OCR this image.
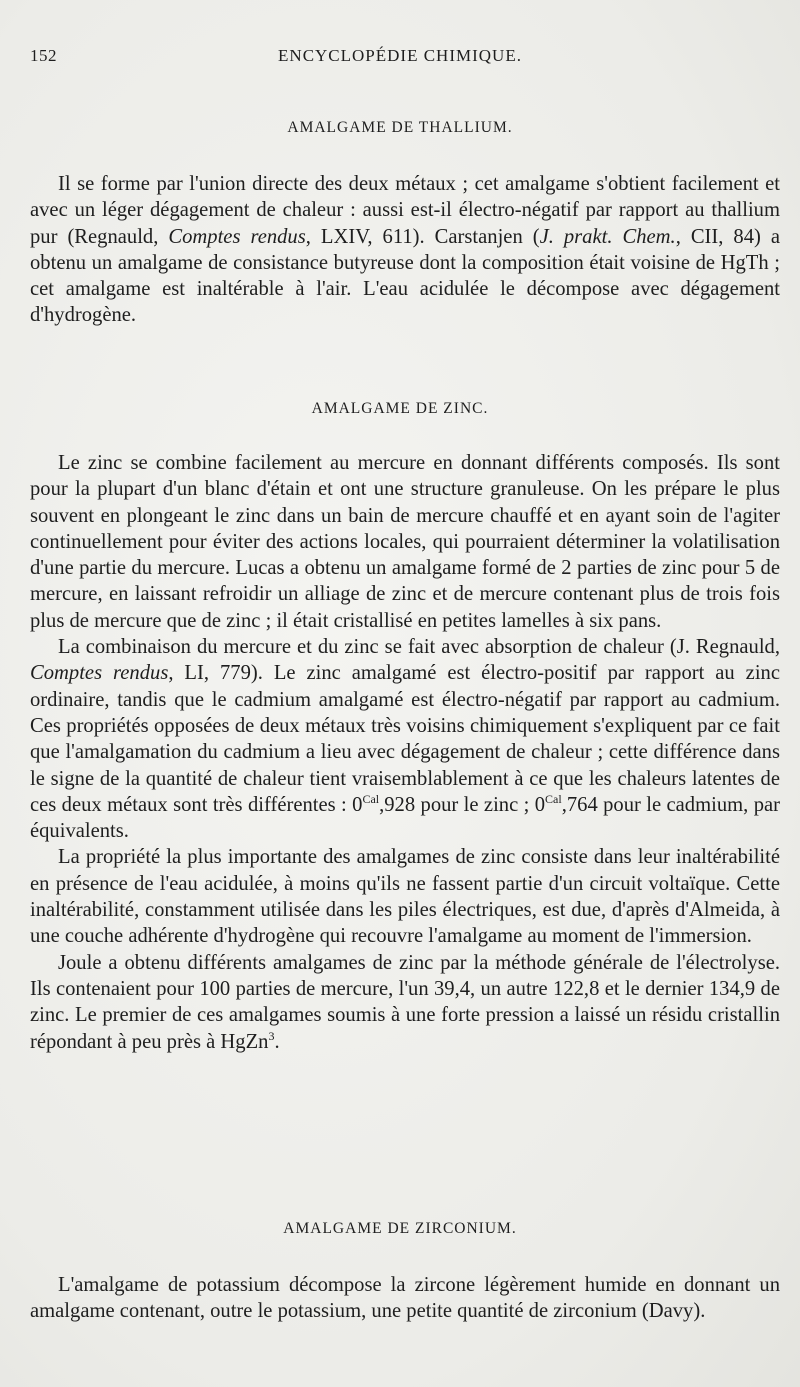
152	ENCYCLOPÉDIE CHIMIQUE.
AMALGAME DE THALLIUM.

Il se forme par l'union directe des deux métaux ; cet amalgame s'obtient facilement et avec un léger dégagement de chaleur : aussi est-il électro-négatif par rapport au thallium pur (Regnauld, Comptes rendus, LXIV, 611). Carstanjen (J. prakt. Chem., CII, 84) a obtenu un amalgame de consistance butyreuse dont la composition était voisine de HgTh ; cet amalgame est inaltérable à l'air. L'eau acidulée le décompose avec dégagement d'hydrogène.

AMALGAME DE ZINC.

Le zinc se combine facilement au mercure en donnant différents composés. Ils sont pour la plupart d'un blanc d'étain et ont une structure granuleuse. On les prépare le plus souvent en plongeant le zinc dans un bain de mercure chauffé et en ayant soin de l'agiter continuellement pour éviter des actions locales, qui pourraient déterminer la volatilisation d'une partie du mercure. Lucas a obtenu un amalgame formé de 2 parties de zinc pour 5 de mercure, en laissant refroidir un alliage de zinc et de mercure contenant plus de trois fois plus de mercure que de zinc ; il était cristallisé en petites lamelles à six pans.

La combinaison du mercure et du zinc se fait avec absorption de chaleur (J. Regnauld, Comptes rendus, LI, 779). Le zinc amalgamé est électro-positif par rapport au zinc ordinaire, tandis que le cadmium amalgamé est électro-négatif par rapport au cadmium. Ces propriétés opposées de deux métaux très voisins chimiquement s'expliquent par ce fait que l'amalgamation du cadmium a lieu avec dégagement de chaleur ; cette différence dans le signe de la quantité de chaleur tient vraisemblablement à ce que les chaleurs latentes de ces deux métaux sont très différentes : $0^{Cal},928$ pour le zinc ; $0^{Cal},764$ pour le cadmium, par équivalents.

La propriété la plus importante des amalgames de zinc consiste dans leur inaltérabilité en présence de l'eau acidulée, à moins qu'ils ne fassent partie d'un circuit voltaïque. Cette inaltérabilité, constamment utilisée dans les piles électriques, est due, d'après d'Almeida, à une couche adhérente d'hydrogène qui recouvre l'amalgame au moment de l'immersion.

Joule a obtenu différents amalgames de zinc par la méthode générale de l'électrolyse. Ils contenaient pour 100 parties de mercure, l'un 39,4, un autre 122,8 et le dernier 134,9 de zinc. Le premier de ces amalgames soumis à une forte pression a laissé un résidu cristallin répondant à peu près à HgZn$^3$.

AMALGAME DE ZIRCONIUM.

L'amalgame de potassium décompose la zircone légèrement humide en donnant un amalgame contenant, outre le potassium, une petite quantité de zirconium (Davy).
